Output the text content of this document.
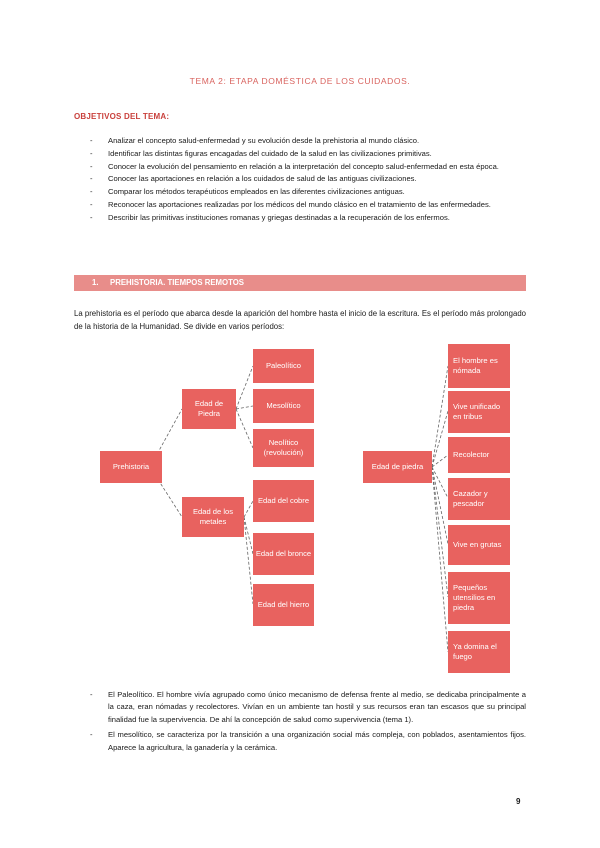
TEMA 2: ETAPA DOMÉSTICA DE LOS CUIDADOS.
OBJETIVOS DEL TEMA:
- Analizar el concepto salud-enfermedad y su evolución desde la prehistoria al mundo clásico.
- Identificar las distintas figuras encagadas del cuidado de la salud en las civilizaciones primitivas.
- Conocer la evolución del pensamiento en relación a la interpretación del concepto salud-enfermedad en esta época.
- Conocer las aportaciones en relación a los cuidados de salud de las antiguas civilizaciones.
- Comparar los métodos terapéuticos empleados en las diferentes civilizaciones antiguas.
- Reconocer las aportaciones realizadas por los médicos del mundo clásico en el tratamiento de las enfermedades.
- Describir las primitivas instituciones romanas y griegas destinadas a la recuperación de los enfermos.
1. PREHISTORIA. TIEMPOS REMOTOS

La prehistoria es el período que abarca desde la aparición del hombre hasta el inicio de la escritura. Es el período más prolongado de la historia de la Humanidad. Se divide en varios períodos:

Prehistoria
Edad de Piedra
Edad de los metales
Paleolítico
Mesolítico
Neolítico (revolución)
Edad del cobre
Edad del bronce
Edad del hierro
Edad de piedra
El hombre es nómada
Vive unificado en tribus
Recolector
Cazador y pescador
Vive en grutas
Pequeños utensilios en piedra
Ya domina el fuego
- El Paleolítico. El hombre vivía agrupado como único mecanismo de defensa frente al medio, se dedicaba principalmente a la caza, eran nómadas y recolectores. Vivían en un ambiente tan hostil y sus recursos eran tan escasos que su principal finalidad fue la supervivencia. De ahí la concepción de salud como supervivencia (tema 1).
- El mesolítico, se caracteriza por la transición a una organización social más compleja, con poblados, asentamientos fijos. Aparece la agricultura, la ganadería y la cerámica.
9
